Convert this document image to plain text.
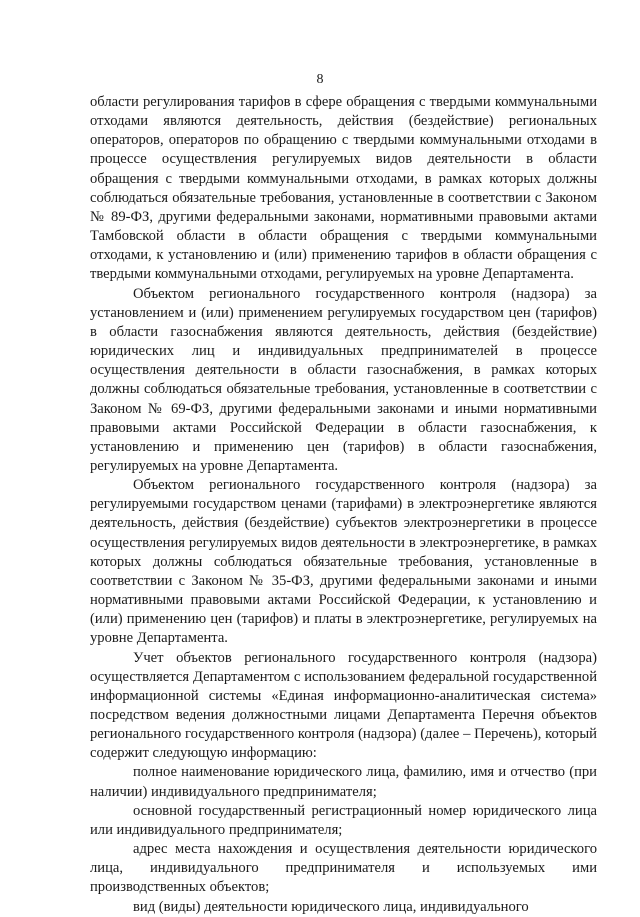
8

области регулирования тарифов в сфере обращения с твердыми коммунальными отходами являются деятельность, действия (бездействие) региональных операторов, операторов по обращению с твердыми коммунальными отходами в процессе осуществления регулируемых видов деятельности в области обращения с твердыми коммунальными отходами, в рамках которых должны соблюдаться обязательные требования, установленные в соответствии с Законом № 89-ФЗ, другими федеральными законами, нормативными правовыми актами Тамбовской области в области обращения с твердыми коммунальными отходами, к установлению и (или) применению тарифов в области обращения с твердыми коммунальными отходами, регулируемых на уровне Департамента.

Объектом регионального государственного контроля (надзора) за установлением и (или) применением регулируемых государством цен (тарифов) в области газоснабжения являются деятельность, действия (бездействие) юридических лиц и индивидуальных предпринимателей в процессе осуществления деятельности в области газоснабжения, в рамках которых должны соблюдаться обязательные требования, установленные в соответствии с Законом № 69-ФЗ, другими федеральными законами и иными нормативными правовыми актами Российской Федерации в области газоснабжения, к установлению и применению цен (тарифов) в области газоснабжения, регулируемых на уровне Департамента.

Объектом регионального государственного контроля (надзора) за регулируемыми государством ценами (тарифами) в электроэнергетике являются деятельность, действия (бездействие) субъектов электроэнергетики в процессе осуществления регулируемых видов деятельности в электроэнергетике, в рамках которых должны соблюдаться обязательные требования, установленные в соответствии с Законом № 35-ФЗ, другими федеральными законами и иными нормативными правовыми актами Российской Федерации, к установлению и (или) применению цен (тарифов) и платы в электроэнергетике, регулируемых на уровне Департамента.

Учет объектов регионального государственного контроля (надзора) осуществляется Департаментом с использованием федеральной государственной информационной системы «Единая информационно-аналитическая система» посредством ведения должностными лицами Департамента Перечня объектов регионального государственного контроля (надзора) (далее – Перечень), который содержит следующую информацию:

полное наименование юридического лица, фамилию, имя и отчество (при наличии) индивидуального предпринимателя;

основной государственный регистрационный номер юридического лица или индивидуального предпринимателя;

адрес места нахождения и осуществления деятельности юридического лица, индивидуального предпринимателя и используемых ими производственных объектов;

вид (виды) деятельности юридического лица, индивидуального
